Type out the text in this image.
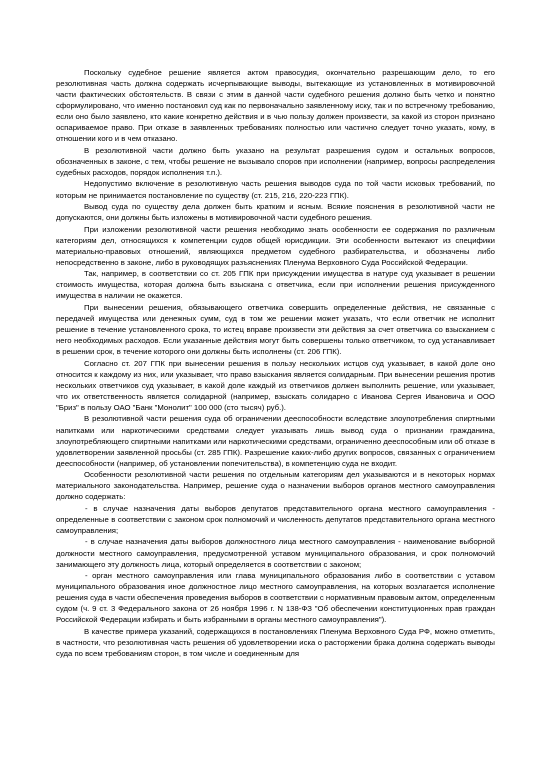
Поскольку судебное решение является актом правосудия, окончательно разрешающим дело, то его резолютивная часть должна содержать исчерпывающие выводы, вытекающие из установленных в мотивировочной части фактических обстоятельств. В связи с этим в данной части судебного решения должно быть четко и понятно сформулировано, что именно постановил суд как по первоначально заявленному иску, так и по встречному требованию, если оно было заявлено, кто какие конкретно действия и в чью пользу должен произвести, за какой из сторон признано оспариваемое право. При отказе в заявленных требованиях полностью или частично следует точно указать, кому, в отношении кого и в чем отказано.

В резолютивной части должно быть указано на результат разрешения судом и остальных вопросов, обозначенных в законе, с тем, чтобы решение не вызывало споров при исполнении (например, вопросы распределения судебных расходов, порядок исполнения т.п.).

Недопустимо включение в резолютивную часть решения выводов суда по той части исковых требований, по которым не принимается постановление по существу (ст. 215, 216, 220-223 ГПК).

Вывод суда по существу дела должен быть кратким и ясным. Всякие пояснения в резолютивной части не допускаются, они должны быть изложены в мотивировочной части судебного решения.

При изложении резолютивной части решения необходимо знать особенности ее содержания по различным категориям дел, относящихся к компетенции судов общей юрисдикции. Эти особенности вытекают из специфики материально-правовых отношений, являющихся предметом судебного разбирательства, и обозначены либо непосредственно в законе, либо в руководящих разъяснениях Пленума Верховного Суда Российской Федерации.

Так, например, в соответствии со ст. 205 ГПК при присуждении имущества в натуре суд указывает в решении стоимость имущества, которая должна быть взыскана с ответчика, если при исполнении решения присужденного имущества в наличии не окажется.

При вынесении решения, обязывающего ответчика совершить определенные действия, не связанные с передачей имущества или денежных сумм, суд в том же решении может указать, что если ответчик не исполнит решение в течение установленного срока, то истец вправе произвести эти действия за счет ответчика со взысканием с него необходимых расходов. Если указанные действия могут быть совершены только ответчиком, то суд устанавливает в решении срок, в течение которого они должны быть исполнены (ст. 206 ГПК).

Согласно ст. 207 ГПК при вынесении решения в пользу нескольких истцов суд указывает, в какой доле оно относится к каждому из них, или указывает, что право взыскания является солидарным. При вынесении решения против нескольких ответчиков суд указывает, в какой доле каждый из ответчиков должен выполнить решение, или указывает, что их ответственность является солидарной (например, взыскать солидарно с Иванова Сергея Ивановича и ООО "Бриз" в пользу ОАО "Банк "Монолит" 100 000 (сто тысяч) руб.).

В резолютивной части решения суда об ограничении дееспособности вследствие злоупотребления спиртными напитками или наркотическими средствами следует указывать лишь вывод суда о признании гражданина, злоупотребляющего спиртными напитками или наркотическими средствами, ограниченно дееспособным или об отказе в удовлетворении заявленной просьбы (ст. 285 ГПК). Разрешение каких-либо других вопросов, связанных с ограничением дееспособности (например, об установлении попечительства), в компетенцию суда не входит.

Особенности резолютивной части решения по отдельным категориям дел указываются и в некоторых нормах материального законодательства. Например, решение суда о назначении выборов органов местного самоуправления должно содержать:

- в случае назначения даты выборов депутатов представительного органа местного самоуправления - определенные в соответствии с законом срок полномочий и численность депутатов представительного органа местного самоуправления;

- в случае назначения даты выборов должностного лица местного самоуправления - наименование выборной должности местного самоуправления, предусмотренной уставом муниципального образования, и срок полномочий занимающего эту должность лица, который определяется в соответствии с законом;

- орган местного самоуправления или глава муниципального образования либо в соответствии с уставом муниципального образования иное должностное лицо местного самоуправления, на которых возлагается исполнение решения суда в части обеспечения проведения выборов в соответствии с нормативным правовым актом, определенным судом (ч. 9 ст. 3 Федерального закона от 26 ноября 1996 г. N 138-ФЗ "Об обеспечении конституционных прав граждан Российской Федерации избирать и быть избранными в органы местного самоуправления").

В качестве примера указаний, содержащихся в постановлениях Пленума Верховного Суда РФ, можно отметить, в частности, что резолютивная часть решения об удовлетворении иска о расторжении брака должна содержать выводы суда по всем требованиям сторон, в том числе и соединенным для
